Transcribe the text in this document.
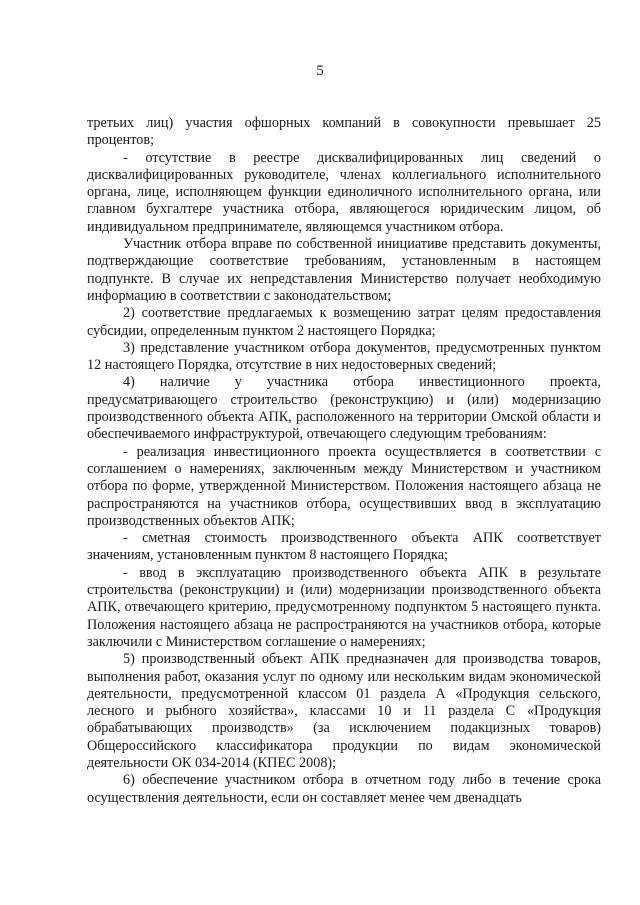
5

третьих лиц) участия офшорных компаний в совокупности превышает 25 процентов;

- отсутствие в реестре дисквалифицированных лиц сведений о дисквалифицированных руководителе, членах коллегиального исполнительного органа, лице, исполняющем функции единоличного исполнительного органа, или главном бухгалтере участника отбора, являющегося юридическим лицом, об индивидуальном предпринимателе, являющемся участником отбора.

Участник отбора вправе по собственной инициативе представить документы, подтверждающие соответствие требованиям, установленным в настоящем подпункте. В случае их непредставления Министерство получает необходимую информацию в соответствии с законодательством;

2) соответствие предлагаемых к возмещению затрат целям предоставления субсидии, определенным пунктом 2 настоящего Порядка;

3) представление участником отбора документов, предусмотренных пунктом 12 настоящего Порядка, отсутствие в них недостоверных сведений;

4) наличие у участника отбора инвестиционного проекта, предусматривающего строительство (реконструкцию) и (или) модернизацию производственного объекта АПК, расположенного на территории Омской области и обеспечиваемого инфраструктурой, отвечающего следующим требованиям:

- реализация инвестиционного проекта осуществляется в соответствии с соглашением о намерениях, заключенным между Министерством и участником отбора по форме, утвержденной Министерством. Положения настоящего абзаца не распространяются на участников отбора, осуществивших ввод в эксплуатацию производственных объектов АПК;

- сметная стоимость производственного объекта АПК соответствует значениям, установленным пунктом 8 настоящего Порядка;

- ввод в эксплуатацию производственного объекта АПК в результате строительства (реконструкции) и (или) модернизации производственного объекта АПК, отвечающего критерию, предусмотренному подпунктом 5 настоящего пункта. Положения настоящего абзаца не распространяются на участников отбора, которые заключили с Министерством соглашение о намерениях;

5) производственный объект АПК предназначен для производства товаров, выполнения работ, оказания услуг по одному или нескольким видам экономической деятельности, предусмотренной классом 01 раздела А «Продукция сельского, лесного и рыбного хозяйства», классами 10 и 11 раздела С «Продукция обрабатывающих производств» (за исключением подакцизных товаров) Общероссийского классификатора продукции по видам экономической деятельности ОК 034-2014 (КПЕС 2008);

6) обеспечение участником отбора в отчетном году либо в течение срока осуществления деятельности, если он составляет менее чем двенадцать
